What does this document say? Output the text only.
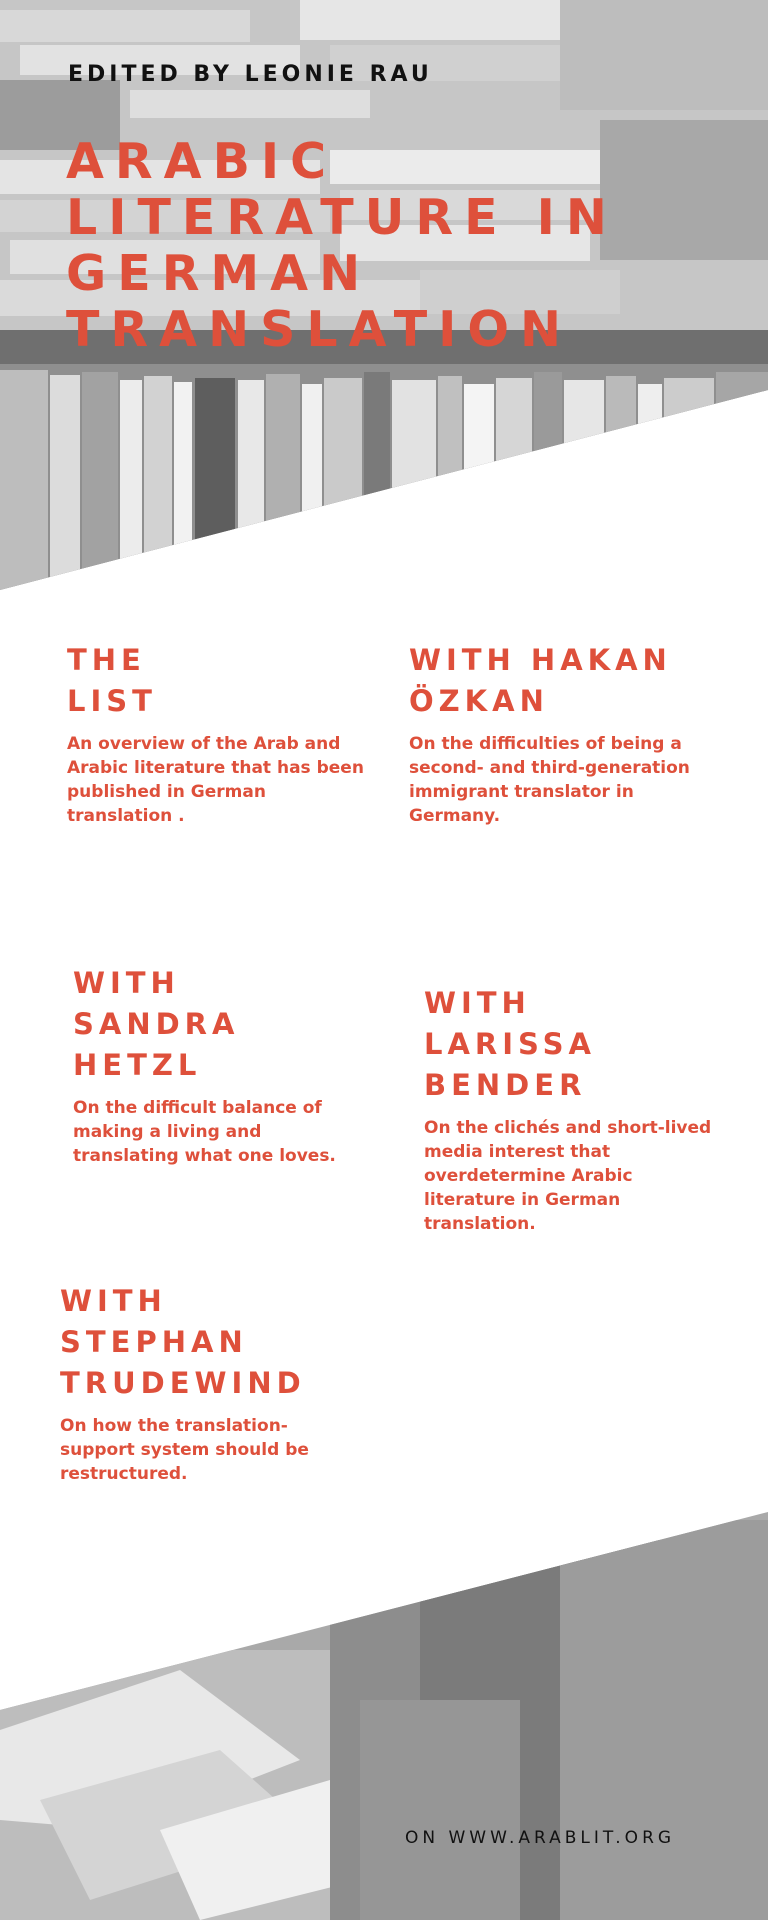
EDITED BY LEONIE RAU

ARABIC
LITERATURE IN
GERMAN
TRANSLATION
THE
LIST

An overview of the Arab and Arabic literature that has been published in German translation .

WITH HAKAN
ÖZKAN

On the difficulties of being a second- and third-generation immigrant translator in Germany.

WITH
SANDRA
HETZL

On the difficult balance of making a living and translating what one loves.

WITH
LARISSA
BENDER

On the clichés and short-lived media interest that overdetermine Arabic literature in German translation.

WITH
STEPHAN
TRUDEWIND

On how the translation-support system should be restructured.

ON WWW.ARABLIT.ORG
